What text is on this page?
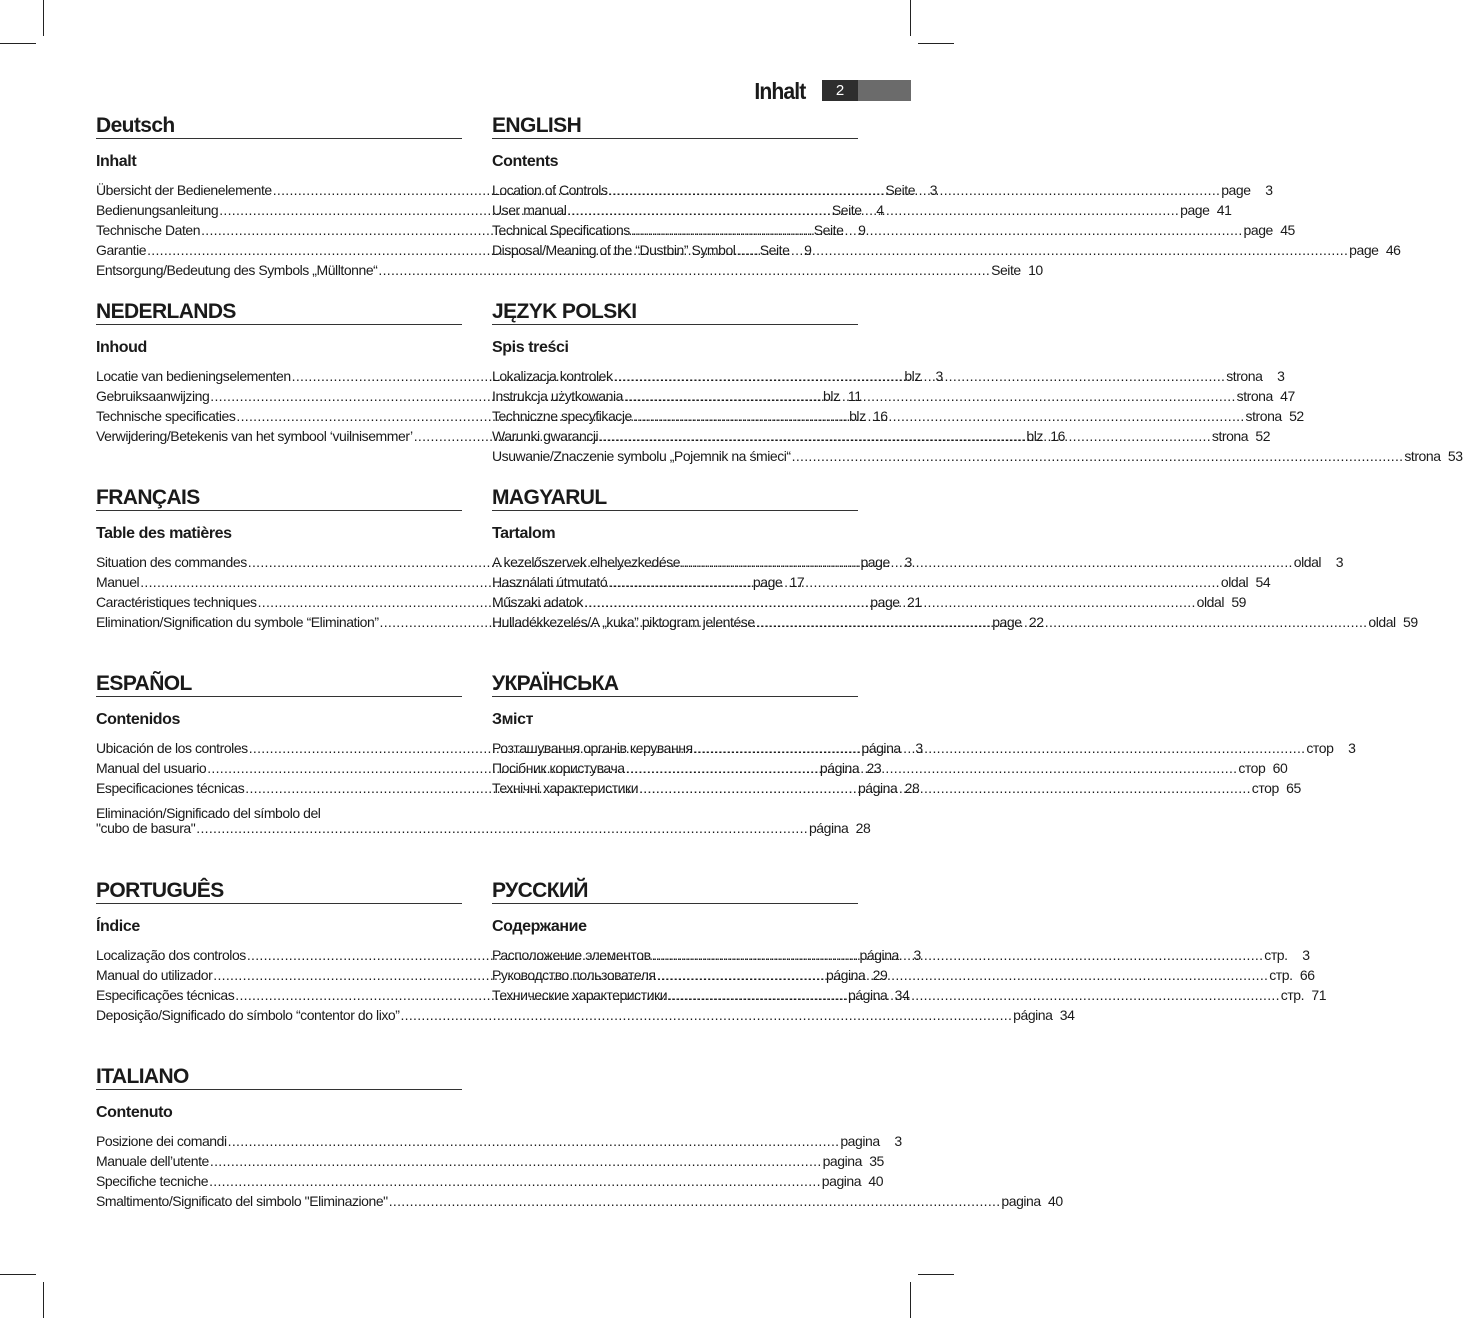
Inhalt	2
Deutsch
Inhalt
Übersicht der Bedienelemente .....	Seite	3
Bedienungsanleitung .....	Seite	4
Technische Daten .....	Seite	9
Garantie .....	Seite	9
Entsorgung/Bedeutung des Symbols „Mülltonne“ .....	Seite 10
ENGLISH
Contents
Location of Controls .....	page	3
User manual .....	page 41
Technical Specifications .....	page 45
Disposal/Meaning of the “Dustbin” Symbol .....	page 46
NEDERLANDS
Inhoud
Locatie van bedieningselementen .....	blz	3
Gebruiksaanwijzing .....	blz 11
Technische specificaties .....	blz 16
Verwijdering/Betekenis van het symbool ‘vuilnisemmer’ .....	blz 16
JĘZYK POLSKI
Spis treści
Lokalizacja kontrolek .....	strona	3
Instrukcja użytkowania .....	strona 47
Techniczne specyfikacje .....	strona 52
Warunki gwarancji .....	strona 52
Usuwanie/Znaczenie symbolu „Pojemnik na śmieci“ .....	strona 53
FRANÇAIS
Table des matières
Situation des commandes .....	page	3
Manuel .....	page 17
Caractéristiques techniques .....	page 21
Elimination/Signification du symbole “Elimination” .....	page 22
MAGYARUL
Tartalom
A kezelőszervek elhelyezkedése .....	oldal	3
Használati útmutató .....	oldal 54
Műszaki adatok .....	oldal 59
Hulladékkezelés/A „kuka” piktogram jelentése .....	oldal 59
ESPAÑOL
Contenidos
Ubicación de los controles .....	página	3
Manual del usuario .....	página 23
Especificaciones técnicas .....	página 28
Eliminación/Significado del símbolo del
"cubo de basura" .....	página 28
УКРАЇНСЬКА
Зміст
Розташування органів керування .....	стор	3
Посібник користувача .....	стор 60
Технічні характеристики .....	стор 65
PORTUGUÊS
Índice
Localização dos controlos .....	página	3
Manual do utilizador .....	página 29
Especificações técnicas .....	página 34
Deposição/Significado do símbolo “contentor do lixo” .....	página 34
РУССКИЙ
Содержание
Расположение элементов .....	стр.	3
Руководство пользователя .....	стр. 66
Технические характеристики .....	стр. 71
ITALIANO
Contenuto
Posizione dei comandi .....	pagina	3
Manuale dell’utente .....	pagina 35
Specifiche tecniche .....	pagina 40
Smaltimento/Significato del simbolo "Eliminazione" .....	pagina 40
